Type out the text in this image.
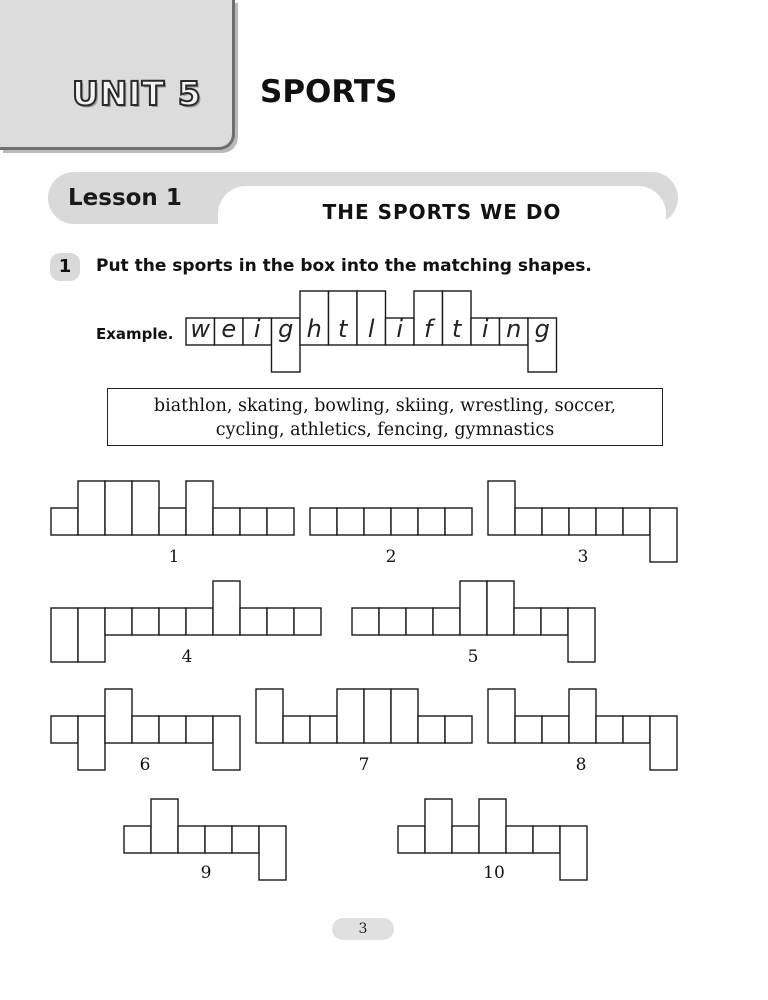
UNIT 5 SPORTS
Lesson 1
THE SPORTS WE DO
1	Put the sports in the box into the matching shapes.
Example.
biathlon, skating, bowling, skiing, wrestling, soccer,
cycling, athletics, fencing, gymnastics
w e i g h t l i f t i n g
1	2	3
4	5
6	7	8
9	10
3
